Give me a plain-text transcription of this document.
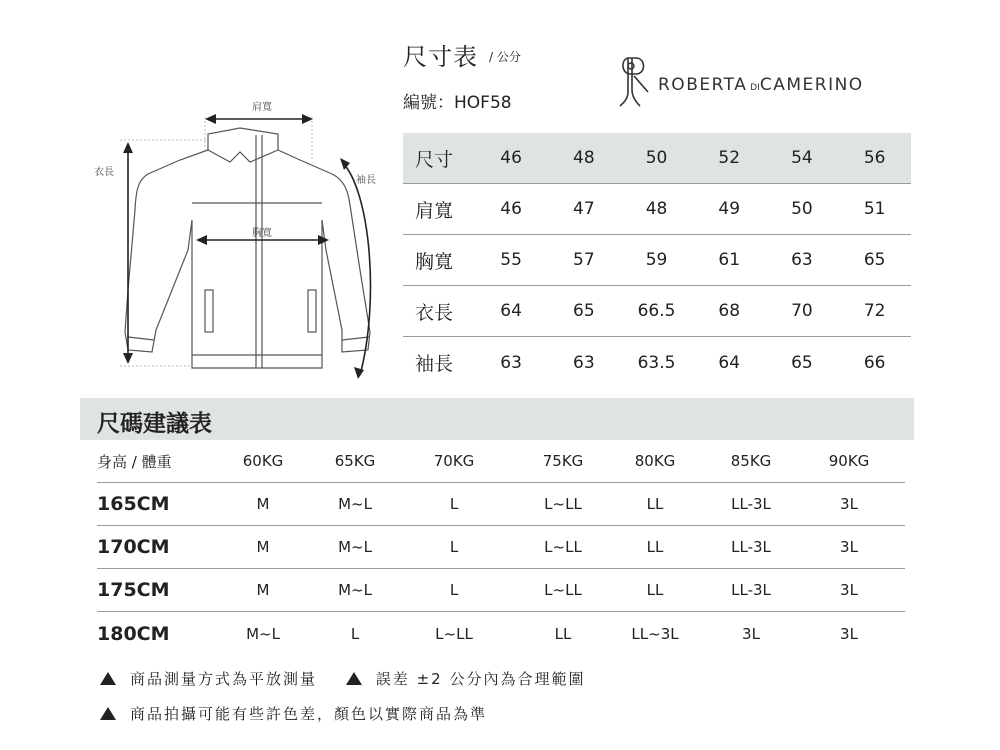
尺寸表 / 公分
編號：HOF58
ROBERTA DICAMERINO
肩寬
胸寬
衣長
袖長
尺寸	46	48	50	52	54	56
肩寬	46	47	48	49	50	51
胸寬	55	57	59	61	63	65
衣長	64	65	66.5	68	70	72
袖長	63	63	63.5	64	65	66
尺碼建議表
身高 / 體重	60KG	65KG	70KG	75KG	80KG	85KG	90KG
165CM	M	M~L	L	L~LL	LL	LL-3L	3L
170CM	M	M~L	L	L~LL	LL	LL-3L	3L
175CM	M	M~L	L	L~LL	LL	LL-3L	3L
180CM	M~L	L	L~LL	LL	LL~3L	3L	3L
商品測量方式為平放測量	誤差 ±2 公分內為合理範圍
商品拍攝可能有些許色差，顏色以實際商品為準
